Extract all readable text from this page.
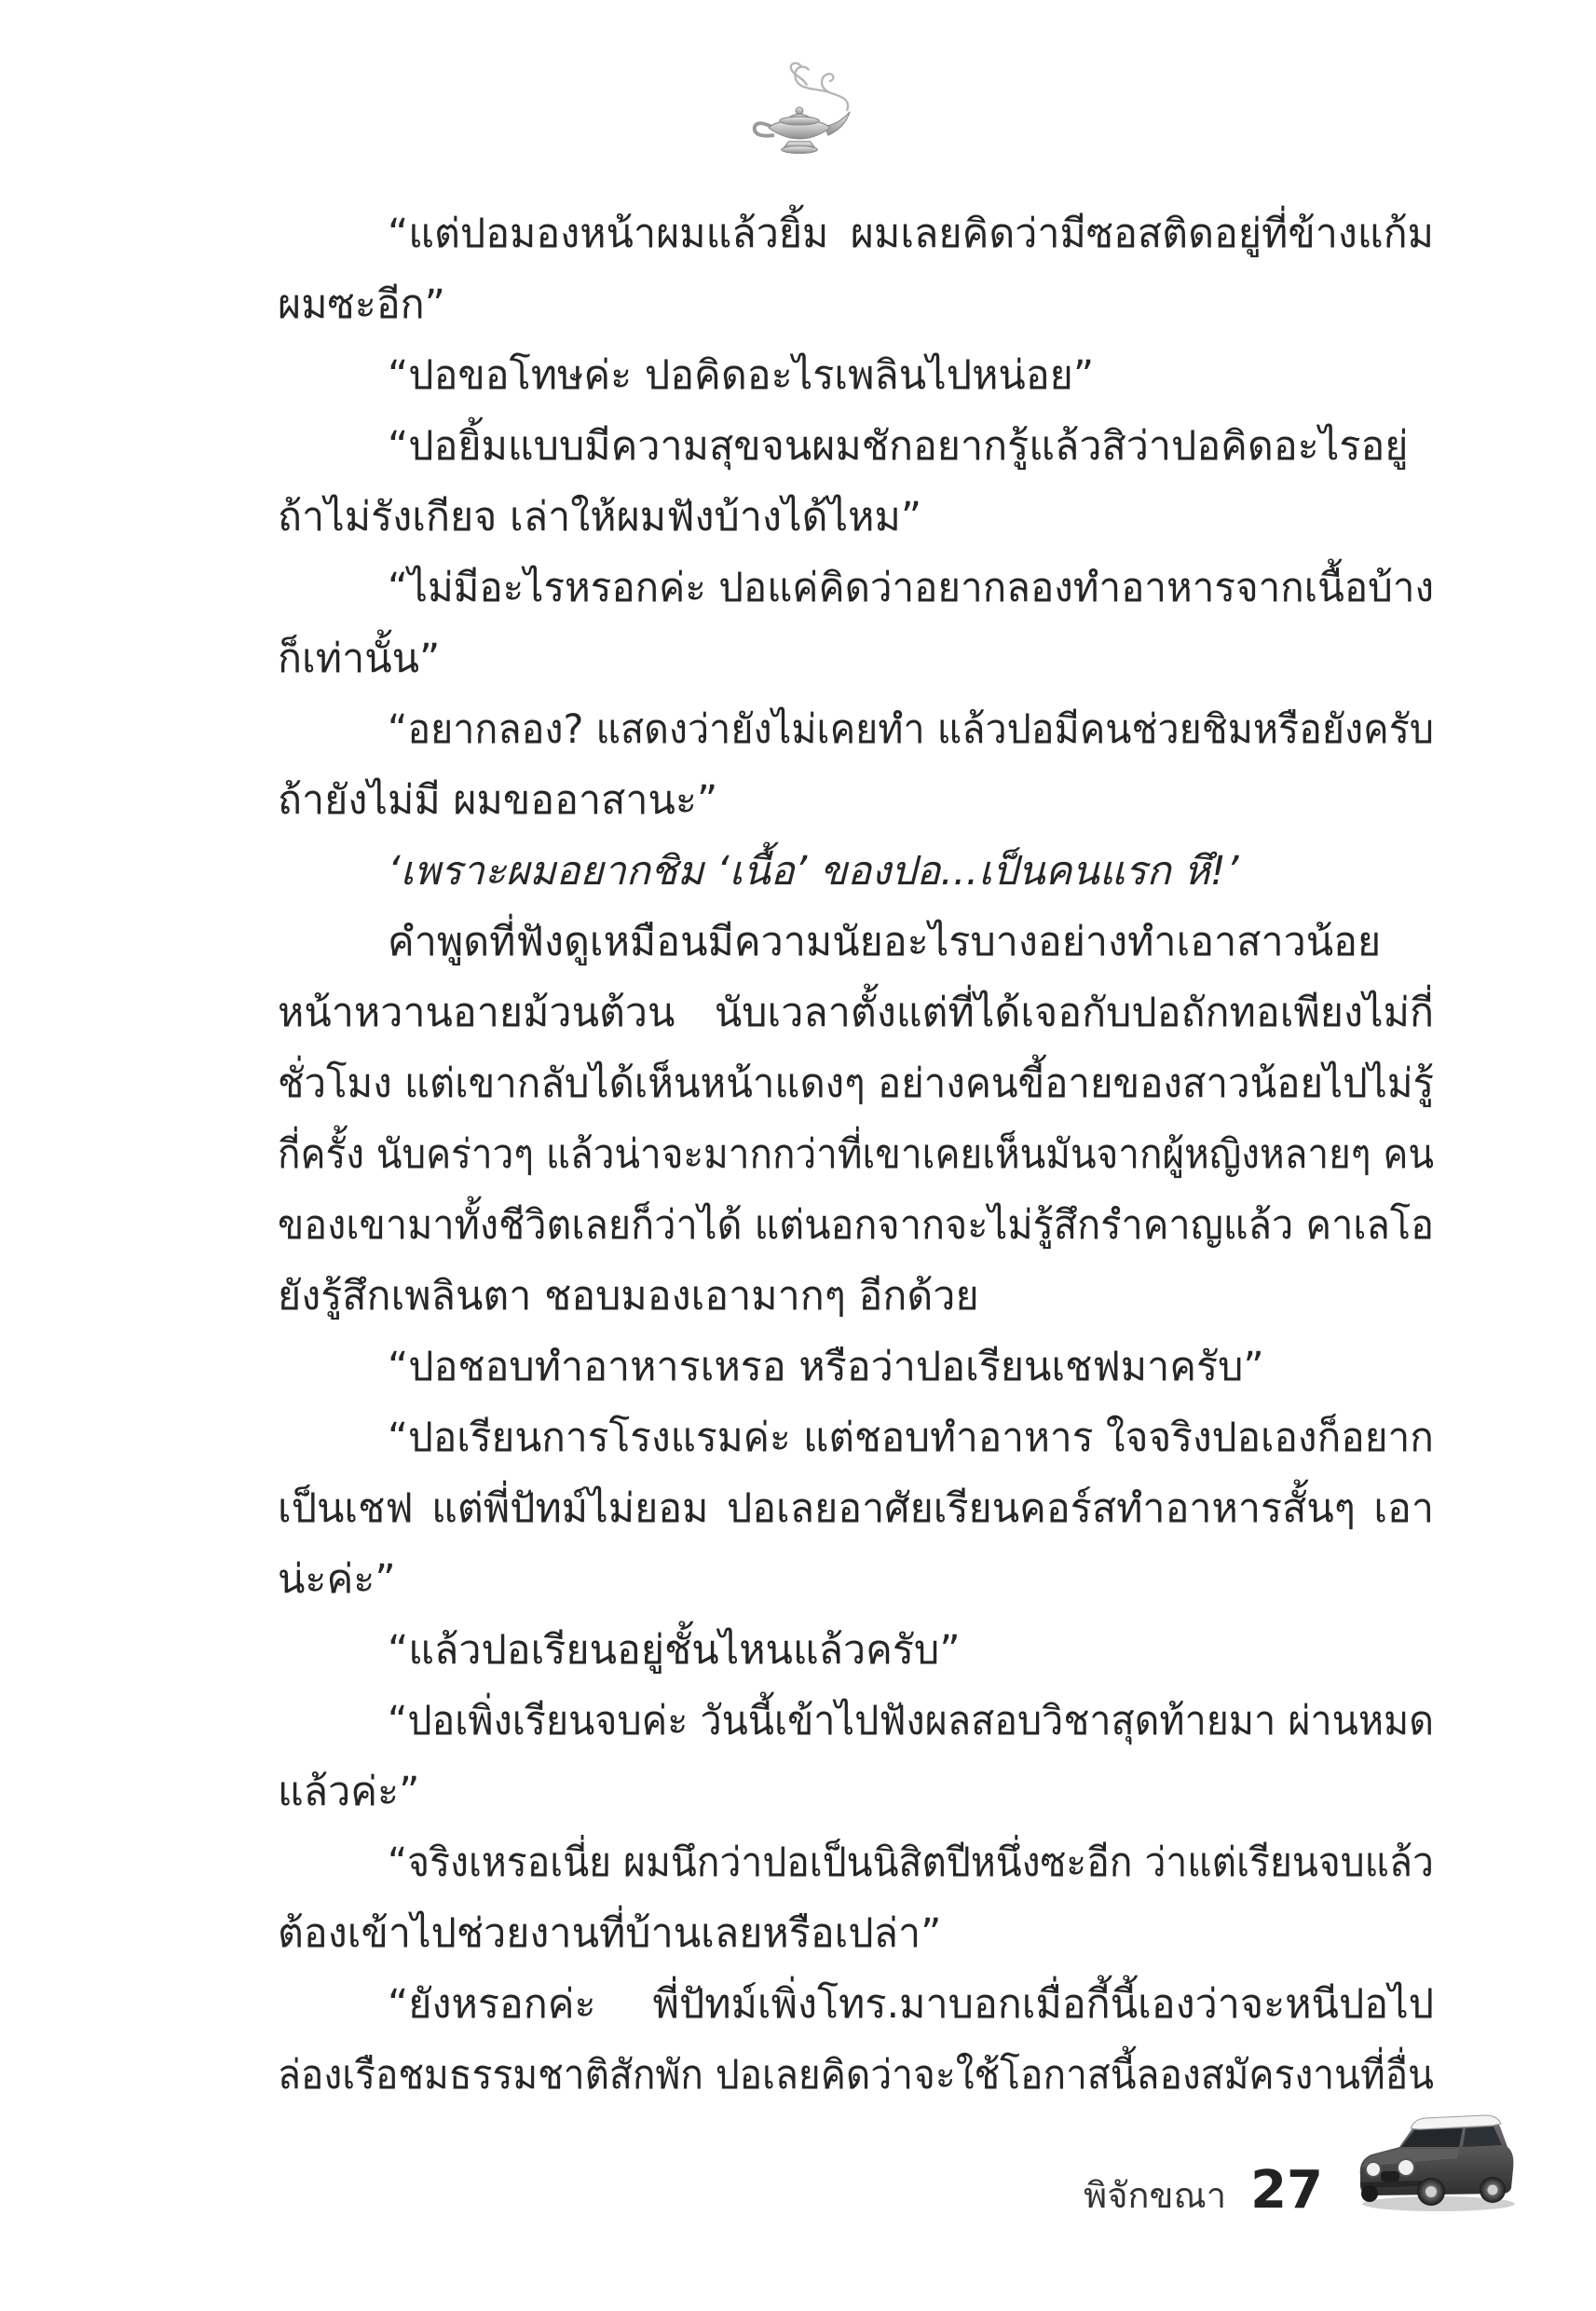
“แต่ปอมองหน้าผมแล้วยิ้ม ผมเลยคิดว่ามีซอสติดอยู่ที่ข้างแก้ม
ผมซะอีก”
“ปอขอโทษค่ะ ปอคิดอะไรเพลินไปหน่อย”
“ปอยิ้มแบบมีความสุขจนผมชักอยากรู้แล้วสิว่าปอคิดอะไรอยู่
ถ้าไม่รังเกียจ เล่าให้ผมฟังบ้างได้ไหม”
“ไม่มีอะไรหรอกค่ะ ปอแค่คิดว่าอยากลองทำอาหารจากเนื้อบ้าง
ก็เท่านั้น”
“อยากลอง? แสดงว่ายังไม่เคยทำ แล้วปอมีคนช่วยชิมหรือยังครับ
ถ้ายังไม่มี ผมขออาสานะ”
‘เพราะผมอยากชิม ‘เนื้อ’ ของปอ...เป็นคนแรก หึ!’
คำพูดที่ฟังดูเหมือนมีความนัยอะไรบางอย่างทำเอาสาวน้อย
หน้าหวานอายม้วนต้วน นับเวลาตั้งแต่ที่ได้เจอกับปอถักทอเพียงไม่กี่
ชั่วโมง แต่เขากลับได้เห็นหน้าแดงๆ อย่างคนขี้อายของสาวน้อยไปไม่รู้
กี่ครั้ง นับคร่าวๆ แล้วน่าจะมากกว่าที่เขาเคยเห็นมันจากผู้หญิงหลายๆ คน
ของเขามาทั้งชีวิตเลยก็ว่าได้ แต่นอกจากจะไม่รู้สึกรำคาญแล้ว คาเลโอ
ยังรู้สึกเพลินตา ชอบมองเอามากๆ อีกด้วย
“ปอชอบทำอาหารเหรอ หรือว่าปอเรียนเชฟมาครับ”
“ปอเรียนการโรงแรมค่ะ แต่ชอบทำอาหาร ใจจริงปอเองก็อยาก
เป็นเชฟ แต่พี่ปัทม์ไม่ยอม ปอเลยอาศัยเรียนคอร์สทำอาหารสั้นๆ เอา
น่ะค่ะ”
“แล้วปอเรียนอยู่ชั้นไหนแล้วครับ”
“ปอเพิ่งเรียนจบค่ะ วันนี้เข้าไปฟังผลสอบวิชาสุดท้ายมา ผ่านหมด
แล้วค่ะ”
“จริงเหรอเนี่ย ผมนึกว่าปอเป็นนิสิตปีหนึ่งซะอีก ว่าแต่เรียนจบแล้ว
ต้องเข้าไปช่วยงานที่บ้านเลยหรือเปล่า”
“ยังหรอกค่ะ พี่ปัทม์เพิ่งโทร.มาบอกเมื่อกี้นี้เองว่าจะหนีปอไป
ล่องเรือชมธรรมชาติสักพัก ปอเลยคิดว่าจะใช้โอกาสนี้ลองสมัครงานที่อื่น
พิจักขณา 27
